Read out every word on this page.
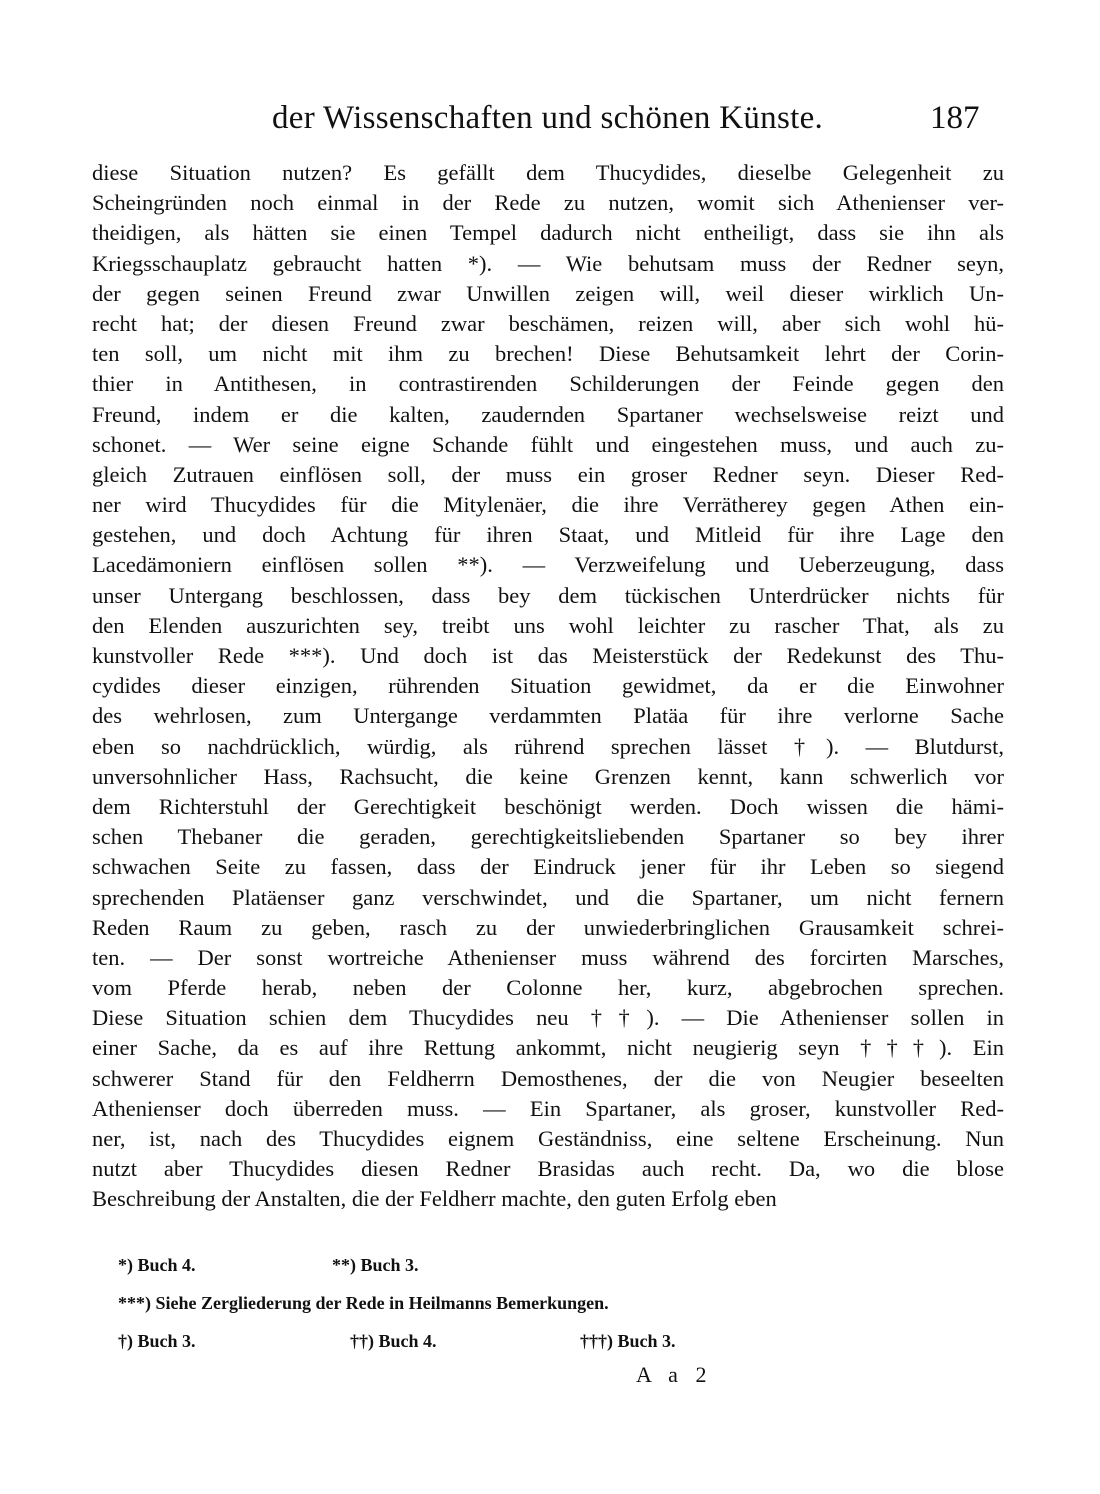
der Wissenschaften und schönen Künste.	187
diese Situation nutzen? Es gefällt dem Thucydides, dieselbe Gelegenheit zu
Scheingründen noch einmal in der Rede zu nutzen, womit sich Athenienser ver-
theidigen, als hätten sie einen Tempel dadurch nicht entheiligt, dass sie ihn als
Kriegsschauplatz gebraucht hatten *). — Wie behutsam muss der Redner seyn,
der gegen seinen Freund zwar Unwillen zeigen will, weil dieser wirklich Un-
recht hat; der diesen Freund zwar beschämen, reizen will, aber sich wohl hü-
ten soll, um nicht mit ihm zu brechen! Diese Behutsamkeit lehrt der Corin-
thier in Antithesen, in contrastirenden Schilderungen der Feinde gegen den
Freund, indem er die kalten, zaudernden Spartaner wechselsweise reizt und
schonet. — Wer seine eigne Schande fühlt und eingestehen muss, und auch zu-
gleich Zutrauen einflösen soll, der muss ein groser Redner seyn. Dieser Red-
ner wird Thucydides für die Mitylenäer, die ihre Verrätherey gegen Athen ein-
gestehen, und doch Achtung für ihren Staat, und Mitleid für ihre Lage den
Lacedämoniern einflösen sollen **). — Verzweifelung und Ueberzeugung, dass
unser Untergang beschlossen, dass bey dem tückischen Unterdrücker nichts für
den Elenden auszurichten sey, treibt uns wohl leichter zu rascher That, als zu
kunstvoller Rede ***). Und doch ist das Meisterstück der Redekunst des Thu-
cydides dieser einzigen, rührenden Situation gewidmet, da er die Einwohner
des wehrlosen, zum Untergange verdammten Platäa für ihre verlorne Sache
eben so nachdrücklich, würdig, als rührend sprechen lässet †). — Blutdurst,
unversohnlicher Hass, Rachsucht, die keine Grenzen kennt, kann schwerlich vor
dem Richterstuhl der Gerechtigkeit beschönigt werden. Doch wissen die hämi-
schen Thebaner die geraden, gerechtigkeitsliebenden Spartaner so bey ihrer
schwachen Seite zu fassen, dass der Eindruck jener für ihr Leben so siegend
sprechenden Platäenser ganz verschwindet, und die Spartaner, um nicht fernern
Reden Raum zu geben, rasch zu der unwiederbringlichen Grausamkeit schrei-
ten. — Der sonst wortreiche Athenienser muss während des forcirten Marsches,
vom Pferde herab, neben der Colonne her, kurz, abgebrochen sprechen.
Diese Situation schien dem Thucydides neu ††). — Die Athenienser sollen in
einer Sache, da es auf ihre Rettung ankommt, nicht neugierig seyn †††). Ein
schwerer Stand für den Feldherrn Demosthenes, der die von Neugier beseelten
Athenienser doch überreden muss. — Ein Spartaner, als groser, kunstvoller Red-
ner, ist, nach des Thucydides eignem Geständniss, eine seltene Erscheinung. Nun
nutzt aber Thucydides diesen Redner Brasidas auch recht. Da, wo die blose
Beschreibung der Anstalten, die der Feldherr machte, den guten Erfolg eben
*) Buch 4.	**) Buch 3.
***) Siehe Zergliederung der Rede in Heilmanns Bemerkungen.
†) Buch 3.	††) Buch 4.	†††) Buch 3.
A a 2
